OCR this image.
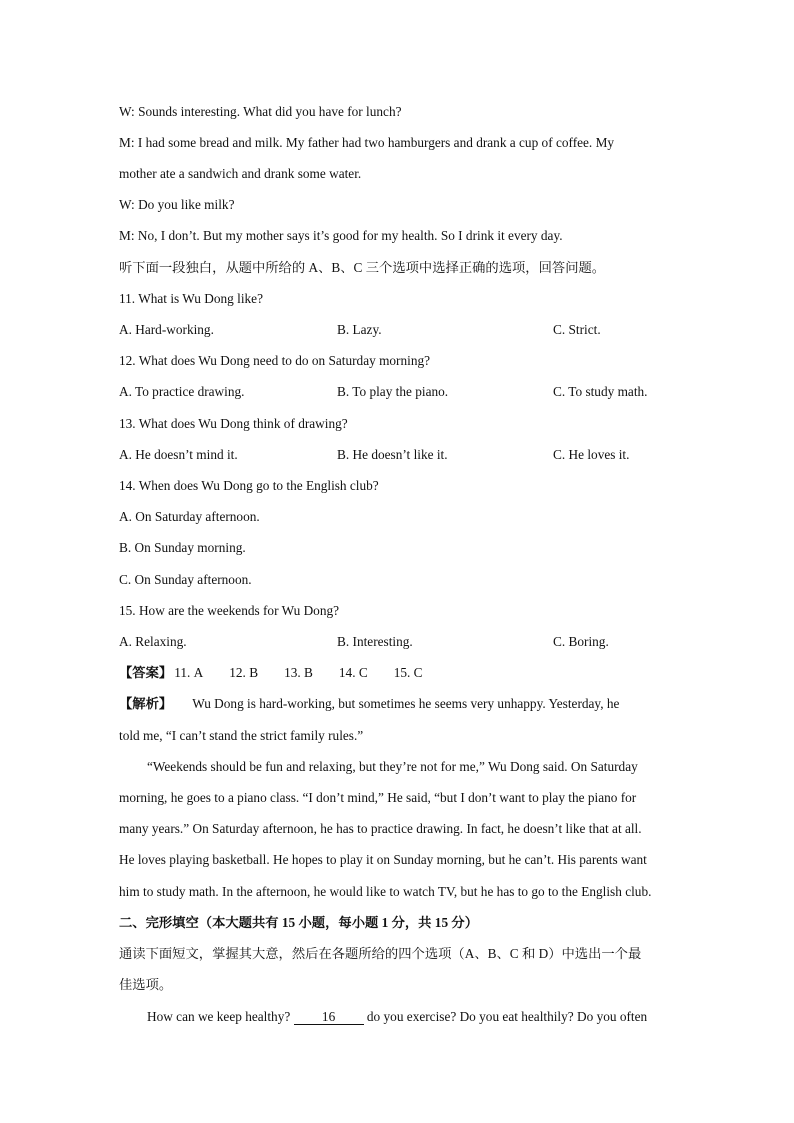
W: Sounds interesting. What did you have for lunch?
M: I had some bread and milk. My father had two hamburgers and drank a cup of coffee. My
mother ate a sandwich and drank some water.
W: Do you like milk?
M: No, I don’t. But my mother says it’s good for my health. So I drink it every day.
听下面一段独白，从题中所给的 A、B、C 三个选项中选择正确的选项，回答问题。
11. What is Wu Dong like?
A. Hard-working.	B. Lazy.	C. Strict.
12. What does Wu Dong need to do on Saturday morning?
A. To practice drawing.	B. To play the piano.	C. To study math.
13. What does Wu Dong think of drawing?
A. He doesn’t mind it.	B. He doesn’t like it.	C. He loves it.
14. When does Wu Dong go to the English club?
A. On Saturday afternoon.
B. On Sunday morning.
C. On Sunday afternoon.
15. How are the weekends for Wu Dong?
A. Relaxing.	B. Interesting.	C. Boring.
【答案】 11. A 12. B 13. B 14. C 15. C
【解析】 Wu Dong is hard-working, but sometimes he seems very unhappy. Yesterday, he
told me, “I can’t stand the strict family rules.”
“Weekends should be fun and relaxing, but they’re not for me,” Wu Dong said. On Saturday
morning, he goes to a piano class. “I don’t mind,” He said, “but I don’t want to play the piano for
many years.” On Saturday afternoon, he has to practice drawing. In fact, he doesn’t like that at all.
He loves playing basketball. He hopes to play it on Sunday morning, but he can’t. His parents want
him to study math. In the afternoon, he would like to watch TV, but he has to go to the English club.
二、完形填空（本大题共有 15 小题，每小题 1 分，共 15 分）
通读下面短文，掌握其大意，然后在各题所给的四个选项（A、B、C 和 D）中选出一个最
佳选项。
How can we keep healthy? 16 do you exercise? Do you eat healthily? Do you often
